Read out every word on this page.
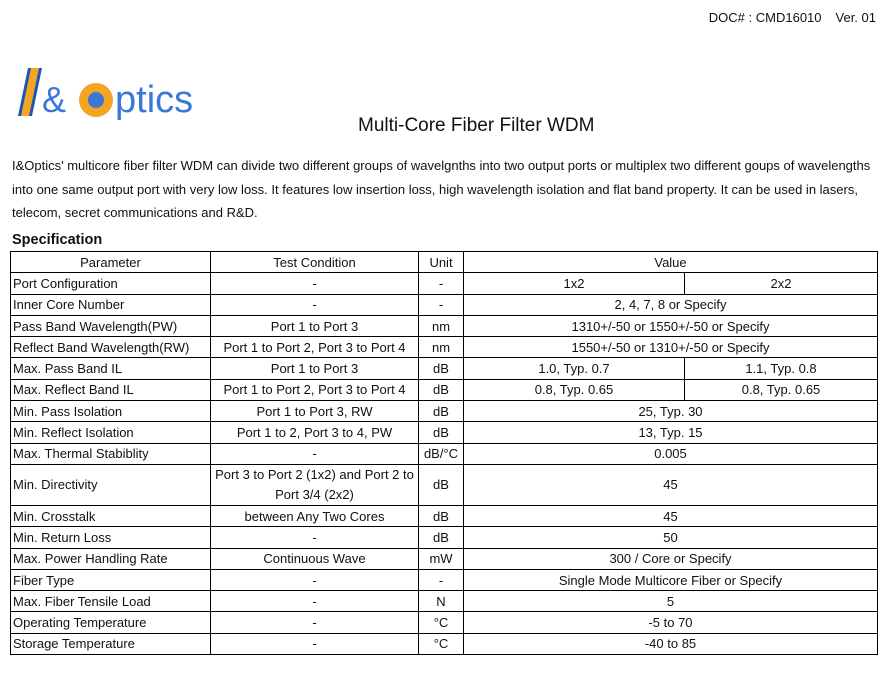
DOC# : CMD16010 Ver. 01
& ptics
Multi-Core Fiber Filter WDM
I&Optics' multicore fiber filter WDM can divide two different groups of wavelgnths into two output ports or multiplex two different goups of wavelengths into one same output port with very low loss. It features low insertion loss, high wavelength isolation and flat band property. It can be used in lasers, telecom, secret communications and R&D.
Specification
Parameter	Test Condition	Unit	Value	
Port Configuration	-	-	1x2	2x2
Inner Core Number	-	-	2, 4, 7, 8 or Specify	
Pass Band Wavelength(PW)	Port 1 to Port 3	nm	1310+/-50 or 1550+/-50 or Specify	
Reflect Band Wavelength(RW)	Port 1 to Port 2, Port 3 to Port 4	nm	1550+/-50 or 1310+/-50 or Specify	
Max. Pass Band IL	Port 1 to Port 3	dB	1.0, Typ. 0.7	1.1, Typ. 0.8
Max. Reflect Band IL	Port 1 to Port 2, Port 3 to Port 4	dB	0.8, Typ. 0.65	0.8, Typ. 0.65
Min. Pass Isolation	Port 1 to Port 3, RW	dB	25, Typ. 30	
Min. Reflect Isolation	Port 1 to 2, Port 3 to 4, PW	dB	13, Typ. 15	
Max. Thermal Stabiblity	-	dB/°C	0.005	
Min. Directivity	Port 3 to Port 2 (1x2) and Port 2 to Port 3/4 (2x2)	dB	45	
Min. Crosstalk	between Any Two Cores	dB	45	
Min. Return Loss	-	dB	50	
Max. Power Handling Rate	Continuous Wave	mW	300 / Core or Specify	
Fiber Type	-	-	Single Mode Multicore Fiber or Specify	
Max. Fiber Tensile Load	-	N	5	
Operating Temperature	-	°C	-5 to 70	
Storage Temperature	-	°C	-40 to 85	
